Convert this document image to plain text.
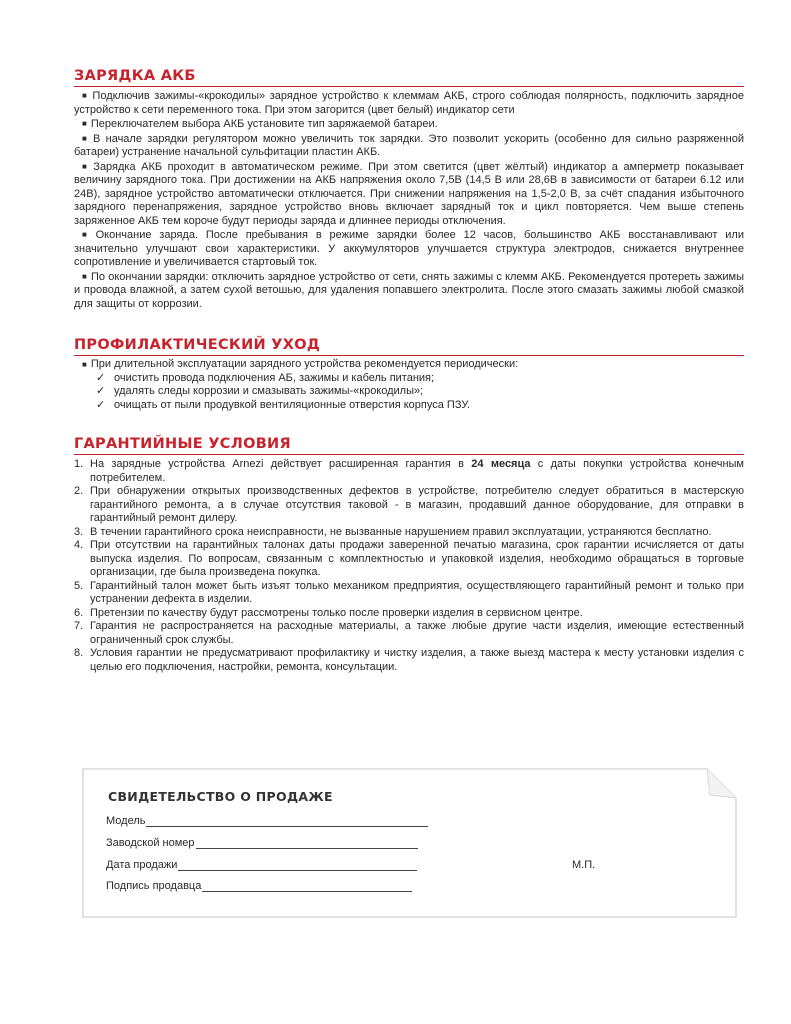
ЗАРЯДКА АКБ

■ Подключив зажимы-«крокодилы» зарядное устройство к клеммам АКБ, строго соблюдая полярность, подключить зарядное устройство к сети переменного тока. При этом загорится (цвет белый) индикатор сети

■ Переключателем выбора АКБ установите тип заряжаемой батареи.

■ В начале зарядки регулятором можно увеличить ток зарядки. Это позволит ускорить (особенно для сильно разряженной батареи) устранение начальной сульфитации пластин АКБ.

■ Зарядка АКБ проходит в автоматическом режиме. При этом светится (цвет жёлтый) индикатор а амперметр показывает величину зарядного тока. При достижении на АКБ напряжения около 7,5В (14,5 В или 28,6В в зависимости от батареи 6.12 или 24В), зарядное устройство автоматически отключается. При снижении напряжения на 1,5-2,0 В, за счёт спадания избыточного зарядного перенапряжения, зарядное устройство вновь включает зарядный ток и цикл повторяется. Чем выше степень заряженное АКБ тем короче будут периоды заряда и длиннее периоды отключения.

■ Окончание заряда. После пребывания в режиме зарядки более 12 часов, большинство АКБ восстанавливают или значительно улучшают свои характеристики. У аккумуляторов улучшается структура электродов, снижается внутреннее сопротивление и увеличивается стартовый ток.

■ По окончании зарядки: отключить зарядное устройство от сети, снять зажимы с клемм АКБ. Рекомендуется протереть зажимы и провода влажной, а затем сухой ветошью, для удаления попавшего электролита. После этого смазать зажимы любой смазкой для защиты от коррозии.

ПРОФИЛАКТИЧЕСКИЙ УХОД

■ При длительной эксплуатации зарядного устройства рекомендуется периодически:

✓ очистить провода подключения АБ, зажимы и кабель питания;
✓ удалять следы коррозии и смазывать зажимы-«крокодилы»;
✓ очищать от пыли продувкой вентиляционные отверстия корпуса ПЗУ.
ГАРАНТИЙНЫЕ УСЛОВИЯ
1. На зарядные устройства Arnezi действует расширенная гарантия в 24 месяца с даты покупки устройства конечным потребителем.
2. При обнаружении открытых производственных дефектов в устройстве, потребителю следует обратиться в мастерскую гарантийного ремонта, а в случае отсутствия таковой - в магазин, продавший данное оборудование, для отправки в гарантийный ремонт дилеру.
3. В течении гарантийного срока неисправности, не вызванные нарушением правил эксплуатации, устраняются бесплатно.
4. При отсутствии на гарантийных талонах даты продажи заверенной печатью магазина, срок гарантии исчисляется от даты выпуска изделия. По вопросам, связанным с комплектностью и упаковкой изделия, необходимо обращаться в торговые организации, где была произведена покупка.
5. Гарантийный талон может быть изъят только механиком предприятия, осуществляющего гарантийный ремонт и только при устранении дефекта в изделии.
6. Претензии по качеству будут рассмотрены только после проверки изделия в сервисном центре.
7. Гарантия не распространяется на расходные материалы, а также любые другие части изделия, имеющие естественный ограниченный срок службы.
8. Условия гарантии не предусматривают профилактику и чистку изделия, а также выезд мастера к месту установки изделия с целью его подключения, настройки, ремонта, консультации.
СВИДЕТЕЛЬСТВО О ПРОДАЖЕ
Модель
Заводской номер
Дата продажи
Подпись продавца
М.П.
